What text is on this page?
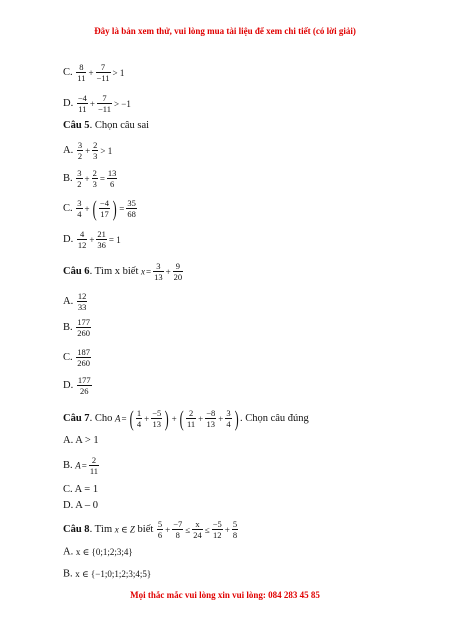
Đây là bản xem thử, vui lòng mua tài liệu để xem chi tiết (có lời giải)
C. $\frac{8}{11} + \frac{7}{-11} > 1$
D. $\frac{-4}{11} + \frac{7}{-11} > -1$
Câu 5. Chọn câu sai
A. $\frac{3}{2} + \frac{2}{3} > 1$
B. $\frac{3}{2} + \frac{2}{3} = \frac{13}{6}$
C. $\frac{3}{4}$ + ( $\frac{-4}{17}$ ) = $\frac{35}{68}$
D. $\frac{4}{12} + \frac{21}{36} = 1$
Câu 6. Tìm x biết $x= \frac{3}{13} + \frac{9}{20}$
A. $\frac{12}{33}$
B. $\frac{177}{260}$
C. $\frac{187}{260}$
D. $\frac{177}{26}$
Câu 7. Cho A= ( $\frac{1}{4} + \frac{-5}{13}$ ) + ( $\frac{2}{11} + \frac{-8}{13} + \frac{3}{4}$ ) . Chọn câu đúng
A. A > 1
B. $A= \frac{2}{11}$
C. A = 1
D. A – 0
Câu 8. Tìm x ∈ Z biết $\frac{5}{6} + \frac{-7}{8} \le \frac{x}{24} \le \frac{-5}{12} + \frac{5}{8}$
A. x ∈ {0;1;2;3;4}
B. x ∈ {−1;0;1;2;3;4;5}
Mọi thắc mắc vui lòng xin vui lòng: 084 283 45 85
